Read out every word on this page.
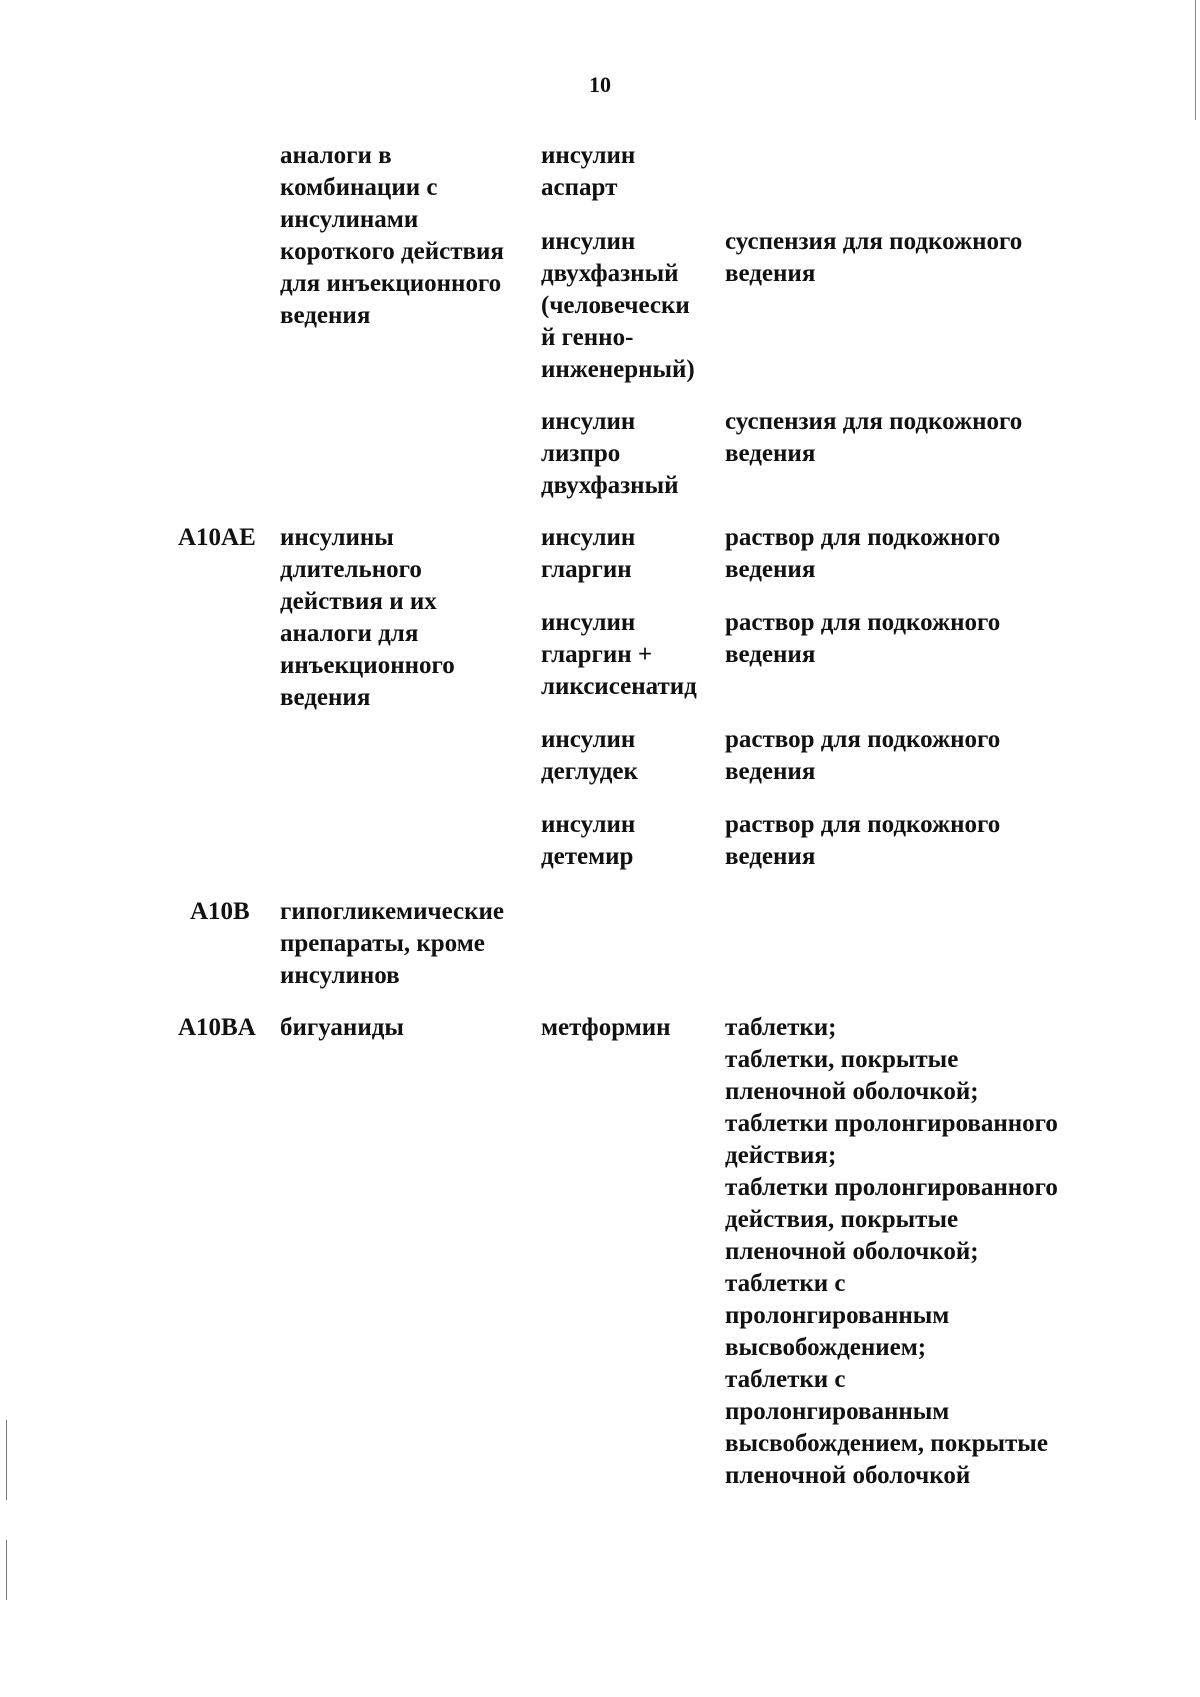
10
аналоги в
комбинации с
инсулинами
короткого действия
для инъекционного
ведения
инсулин
аспарт
инсулин
двухфазный
(человечески
й генно-
инженерный)
суспензия для подкожного
ведения
инсулин
лизпро
двухфазный
суспензия для подкожного
ведения
A10AE инсулины
длительного
действия и их
аналоги для
инъекционного
ведения
инсулин
гларгин
раствор для подкожного
ведения
инсулин
гларгин +
ликсисенатид
раствор для подкожного
ведения
инсулин
деглудек
раствор для подкожного
ведения
инсулин
детемир
раствор для подкожного
ведения
A10B гипогликемические
препараты, кроме
инсулинов
A10BA бигуаниды	метформин	таблетки;
таблетки, покрытые
пленочной оболочкой;
таблетки пролонгированного
действия;
таблетки пролонгированного
действия, покрытые
пленочной оболочкой;
таблетки с
пролонгированным
высвобождением;
таблетки с
пролонгированным
высвобождением, покрытые
пленочной оболочкой
